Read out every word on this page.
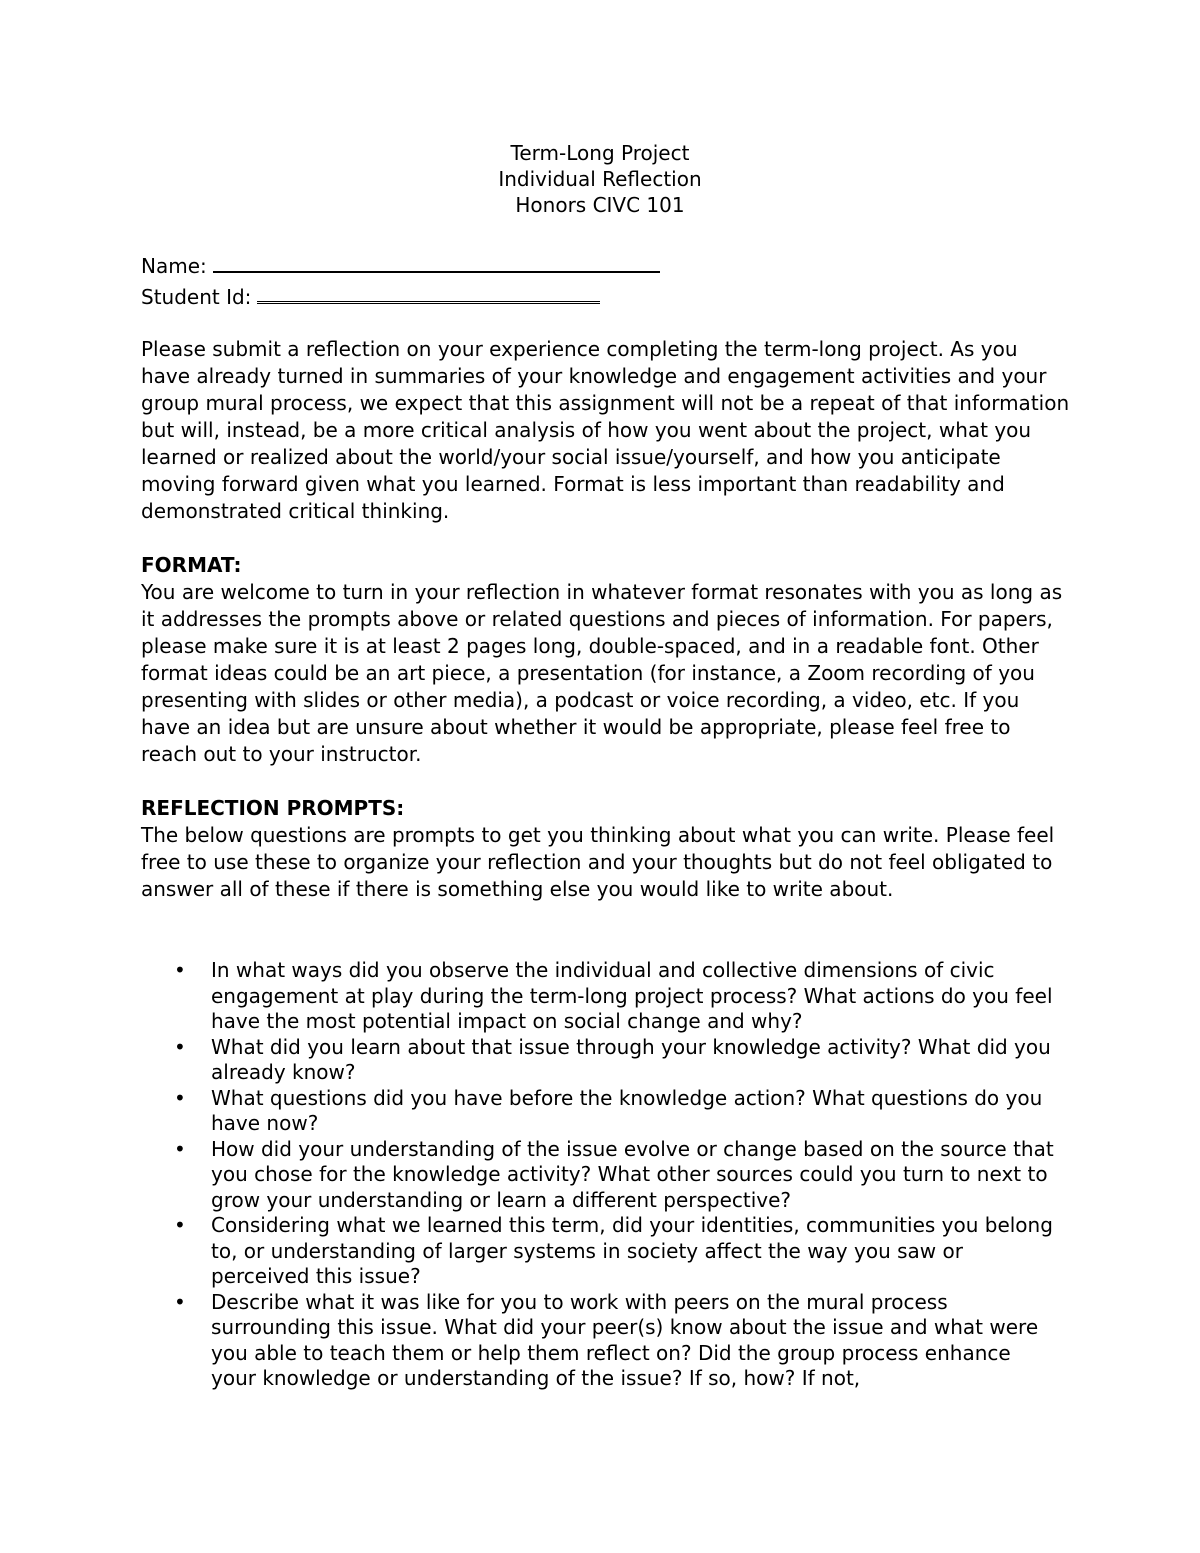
Term-Long Project
Individual Reflection
Honors CIVC 101
Name:
Student Id:

Please submit a reflection on your experience completing the term-long project. As you have already turned in summaries of your knowledge and engagement activities and your group mural process, we expect that this assignment will not be a repeat of that information but will, instead, be a more critical analysis of how you went about the project, what you learned or realized about the world/your social issue/yourself, and how you anticipate moving forward given what you learned. Format is less important than readability and demonstrated critical thinking.

FORMAT:

You are welcome to turn in your reflection in whatever format resonates with you as long as it addresses the prompts above or related questions and pieces of information. For papers, please make sure it is at least 2 pages long, double-spaced, and in a readable font. Other format ideas could be an art piece, a presentation (for instance, a Zoom recording of you presenting with slides or other media), a podcast or voice recording, a video, etc. If you have an idea but are unsure about whether it would be appropriate, please feel free to reach out to your instructor.

REFLECTION PROMPTS:

The below questions are prompts to get you thinking about what you can write. Please feel free to use these to organize your reflection and your thoughts but do not feel obligated to answer all of these if there is something else you would like to write about.

• In what ways did you observe the individual and collective dimensions of civic engagement at play during the term-long project process? What actions do you feel have the most potential impact on social change and why?
• What did you learn about that issue through your knowledge activity? What did you already know?
• What questions did you have before the knowledge action? What questions do you have now?
• How did your understanding of the issue evolve or change based on the source that you chose for the knowledge activity? What other sources could you turn to next to grow your understanding or learn a different perspective?
• Considering what we learned this term, did your identities, communities you belong to, or understanding of larger systems in society affect the way you saw or perceived this issue?
• Describe what it was like for you to work with peers on the mural process surrounding this issue. What did your peer(s) know about the issue and what were you able to teach them or help them reflect on? Did the group process enhance your knowledge or understanding of the issue? If so, how? If not,
